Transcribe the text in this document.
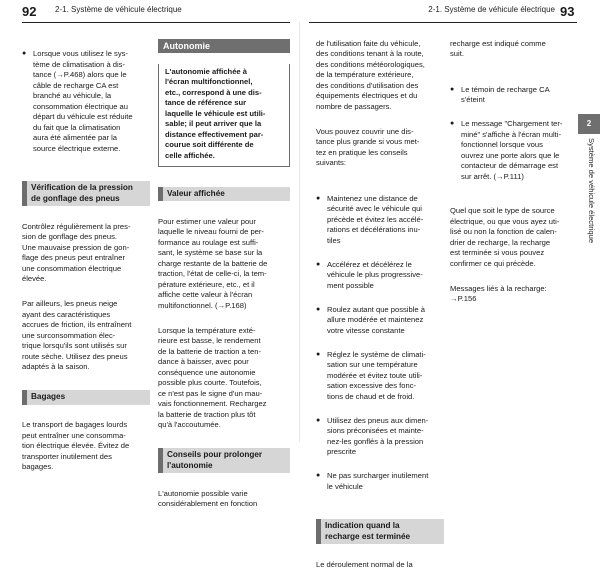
92 2-1. Système de véhicule électrique	2-1. Système de véhicule électrique 93

● Lorsque vous utilisez le sys-
tème de climatisation à dis-
tance (→P.468) alors que le
câble de recharge CA est
branché au véhicule, la
consommation électrique au
départ du véhicule est réduite
du fait que la climatisation
aura été alimentée par la
source électrique externe.

Vérification de la pression
de gonflage des pneus

Contrôlez régulièrement la pres-
sion de gonflage des pneus.
Une mauvaise pression de gon-
flage des pneus peut entraîner
une consommation électrique
élevée.

Par ailleurs, les pneus neige
ayant des caractéristiques
accrues de friction, ils entraînent
une surconsommation élec-
trique lorsqu'ils sont utilisés sur
route sèche. Utilisez des pneus
adaptés à la saison.

Bagages

Le transport de bagages lourds
peut entraîner une consomma-
tion électrique élevée. Évitez de
transporter inutilement des
bagages.

Autonomie

L'autonomie affichée à
l'écran multifonctionnel,
etc., correspond à une dis-
tance de référence sur
laquelle le véhicule est utili-
sable; il peut arriver que la
distance effectivement par-
courue soit différente de
celle affichée.

Valeur affichée

Pour estimer une valeur pour
laquelle le niveau fourni de per-
formance au roulage est suffi-
sant, le système se base sur la
charge restante de la batterie de
traction, l'état de celle-ci, la tem-
pérature extérieure, etc., et il
affiche cette valeur à l'écran
multifonctionnel. (→P.168)

Lorsque la température exté-
rieure est basse, le rendement
de la batterie de traction a ten-
dance à baisser, avec pour
conséquence une autonomie
possible plus courte. Toutefois,
ce n'est pas le signe d'un mau-
vais fonctionnement. Rechargez
la batterie de traction plus tôt
qu'à l'accoutumée.

Conseils pour prolonger
l'autonomie

L'autonomie possible varie
considérablement en fonction

de l'utilisation faite du véhicule,
des conditions tenant à la route,
des conditions météorologiques,
de la température extérieure,
des conditions d'utilisation des
équipements électriques et du
nombre de passagers.

Vous pouvez couvrir une dis-
tance plus grande si vous met-
tez en pratique les conseils
suivants:

● Maintenez une distance de
sécurité avec le véhicule qui
précède et évitez les accélé-
rations et décélérations inu-
tiles

● Accélérez et décélérez le
véhicule le plus progressive-
ment possible

● Roulez autant que possible à
allure modérée et maintenez
votre vitesse constante

● Réglez le système de climati-
sation sur une température
modérée et évitez toute utili-
sation excessive des fonc-
tions de chaud et de froid.

● Utilisez des pneus aux dimen-
sions préconisées et mainte-
nez-les gonflés à la pression
prescrite

● Ne pas surcharger inutilement
le véhicule

Indication quand la
recharge est terminée

Le déroulement normal de la

recharge est indiqué comme
suit.

● Le témoin de recharge CA
s'éteint

● Le message "Chargement ter-
miné" s'affiche à l'écran multi-
fonctionnel lorsque vous
ouvrez une porte alors que le
contacteur de démarrage est
sur arrêt. (→P.111)

Quel que soit le type de source
électrique, ou que vous ayez uti-
lisé ou non la fonction de calen-
drier de recharge, la recharge
est terminée si vous pouvez
confirmer ce qui précède.

Messages liés à la recharge:
→P.156

2
Système de véhicule électrique
